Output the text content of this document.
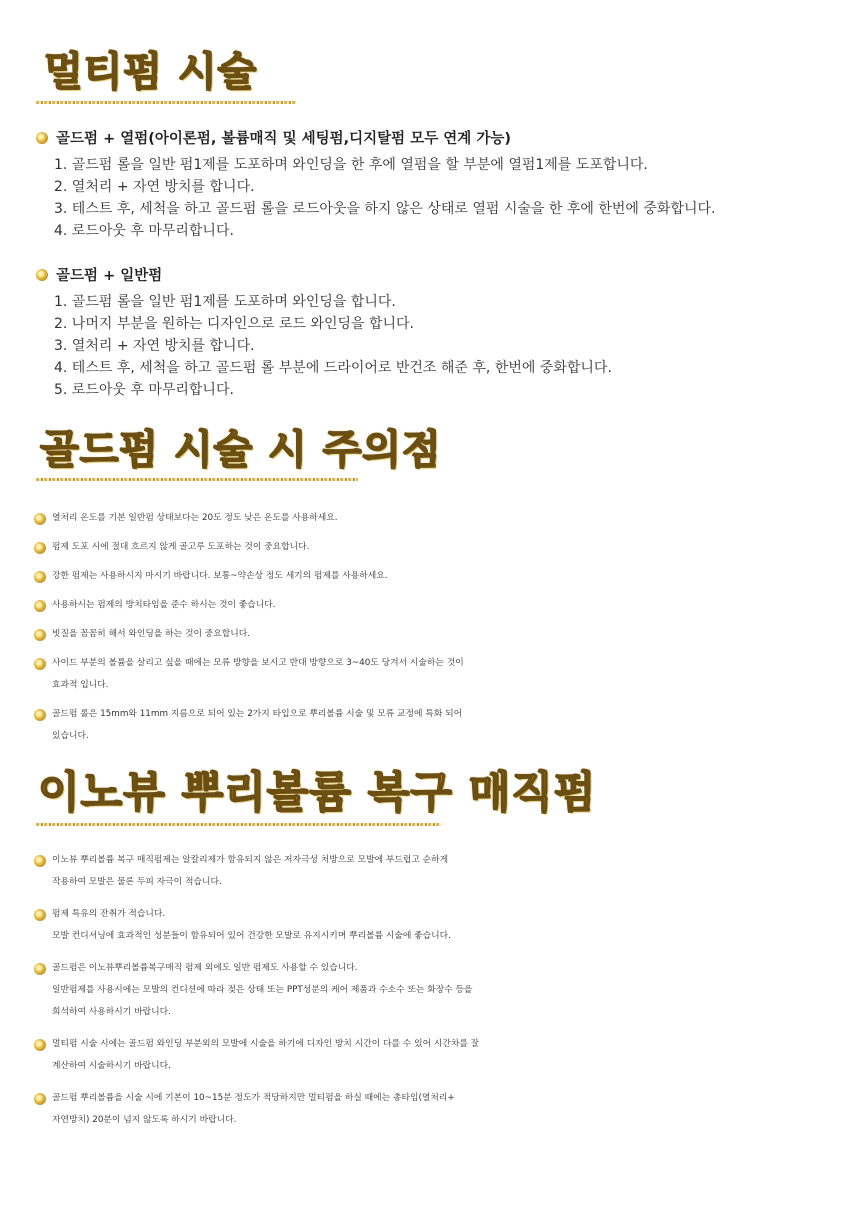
멀티펌 시술
골드펌 + 열펌(아이론펌, 볼륨매직 및 세팅펌,디지탈펌 모두 연계 가능)
1. 골드펌 롤을 일반 펌1제를 도포하며 와인딩을 한 후에 열펌을 할 부분에 열펌1제를 도포합니다.
2. 열처리 + 자연 방치를 합니다.
3. 테스트 후, 세척을 하고 골드펌 롤을 로드아웃을 하지 않은 상태로 열펌 시술을 한 후에 한번에 중화합니다.
4. 로드아웃 후 마무리합니다.
골드펌 + 일반펌
1. 골드펌 롤을 일반 펌1제를 도포하며 와인딩을 합니다.
2. 나머지 부분을 원하는 디자인으로 로드 와인딩을 합니다.
3. 열처리 + 자연 방치를 합니다.
4. 테스트 후, 세척을 하고 골드펌 롤 부분에 드라이어로 반건조 해준 후, 한번에 중화합니다.
5. 로드아웃 후 마무리합니다.
골드펌 시술 시 주의점
열처리 온도를 기본 일반펌 상태보다는 20도 정도 낮은 온도를 사용하세요.
펌제 도포 시에 절대 흐르지 않게 골고루 도포하는 것이 중요합니다.
강한 펌제는 사용하시지 마시기 바랍니다. 보통~약손상 정도 세기의 펌제를 사용하세요.
사용하시는 펌제의 방치타임을 준수 하시는 것이 좋습니다.
빗질을 꼼꼼히 해서 와인딩을 하는 것이 중요합니다.
사이드 부분의 볼륨을 살리고 싶을 때에는 모류 방향을 보시고 반대 방향으로 3~40도 당겨서 시술하는 것이
효과적 입니다.
골드펌 롤은 15mm와 11mm 지름으로 되어 있는 2가지 타입으로 뿌리볼륨 시술 및 모류 교정에 특화 되어
있습니다.
이노뷰 뿌리볼륨 복구 매직펌
이노뷰 뿌리볼륨 복구 매직펌제는 알칼리제가 함유되지 않은 저자극성 처방으로 모발에 부드럽고 순하게
작용하여 모발은 물론 두피 자극이 적습니다.
펌제 특유의 잔취가 적습니다.
모발 컨디셔닝에 효과적인 성분들이 함유되어 있어 건강한 모발로 유지시키며 뿌리볼륨 시술에 좋습니다.
골드펌은 이노뷰뿌리볼륨복구매직 펌제 외에도 일반 펌제도 사용할 수 있습니다.
일반펌제를 사용시에는 모발의 컨디션에 따라 젖은 상태 또는 PPT성분의 케어 제품과 수소수 또는 화장수 등을
희석하여 사용하시기 바랍니다.
멀티펌 시술 시에는 골드펌 와인딩 부분외의 모발에 시술을 하기에 디자인 방치 시간이 다를 수 있어 시간차를 잘
계산하여 시술하시기 바랍니다.
골드펌 뿌리볼륨을 시술 시에 기본이 10~15분 정도가 적당하지만 멀티펌을 하실 때에는 총타임(열처리+
자연방치) 20분이 넘지 않도록 하시기 바랍니다.
